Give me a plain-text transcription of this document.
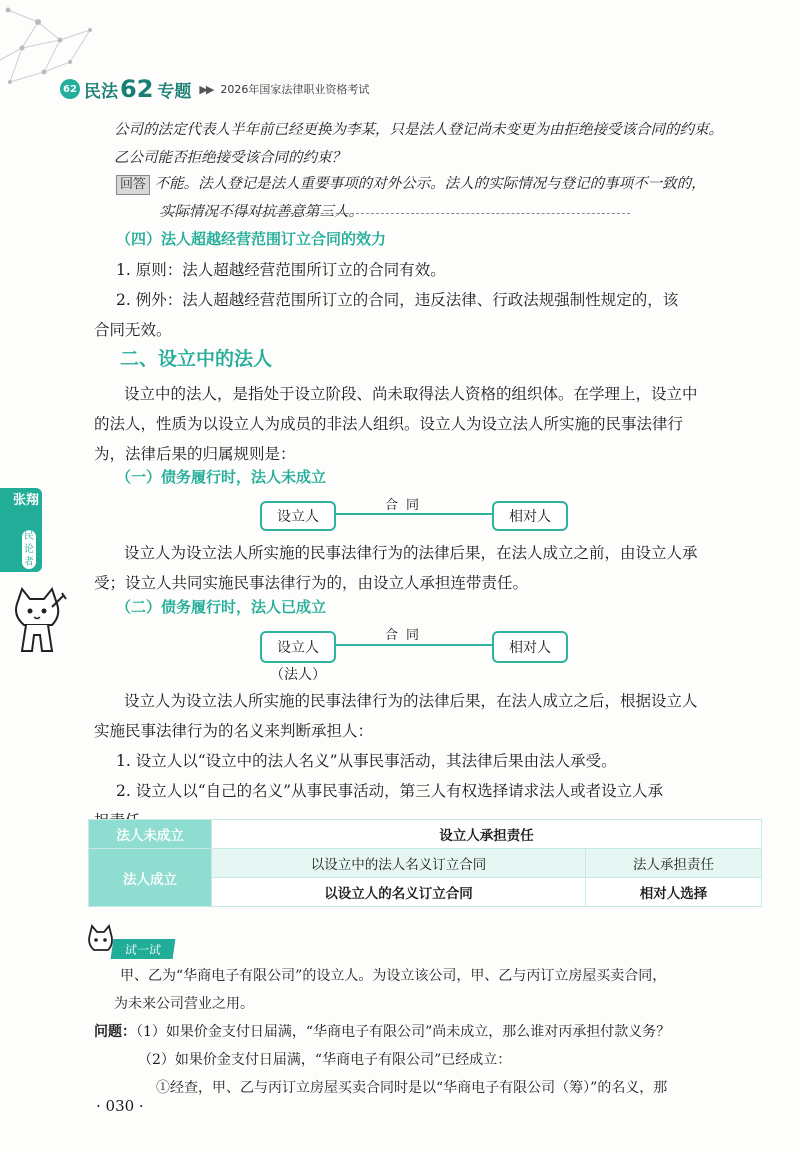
62 民法 62 专题 ▶▶ 2026年国家法律职业资格考试
公司的法定代表人半年前已经更换为李某，只是法人登记尚未变更为由拒绝接受该合同的约束。
乙公司能否拒绝接受该合同的约束？
回答 不能。法人登记是法人重要事项的对外公示。法人的实际情况与登记的事项不一致的，
实际情况不得对抗善意第三人。
（四）法人超越经营范围订立合同的效力
1. 原则：法人超越经营范围所订立的合同有效。
2. 例外：法人超越经营范围所订立的合同，违反法律、行政法规强制性规定的，该
合同无效。
二、设立中的法人
设立中的法人，是指处于设立阶段、尚未取得法人资格的组织体。在学理上，设立中
的法人，性质为以设立人为成员的非法人组织。设立人为设立法人所实施的民事法律行
为，法律后果的归属规则是：
（一）债务履行时，法人未成立
设立人
合同
相对人
设立人为设立法人所实施的民事法律行为的法律后果，在法人成立之前，由设立人承
受；设立人共同实施民事法律行为的，由设立人承担连带责任。
（二）债务履行时，法人已成立
设立人
合同
相对人
（法人）
设立人为设立法人所实施的民事法律行为的法律后果，在法人成立之后，根据设立人
实施民事法律行为的名义来判断承担人：
1. 设立人以“设立中的法人名义”从事民事活动，其法律后果由法人承受。
2. 设立人以“自己的名义”从事民事活动，第三人有权选择请求法人或者设立人承
法人未成立	设立人承担责任	
法人成立	以设立中的法人名义订立合同	法人承担责任
	以设立人的名义订立合同	相对人选择
张翔
民
论
者
试一试
甲、乙为“华商电子有限公司”的设立人。为设立该公司，甲、乙与丙订立房屋买卖合同，
为未来公司营业之用。
问题：（1）如果价金支付日届满，“华商电子有限公司”尚未成立，那么谁对丙承担付款义务？
（2）如果价金支付日届满，“华商电子有限公司”已经成立：
①经查，甲、乙与丙订立房屋买卖合同时是以“华商电子有限公司（筹）”的名义，那
· 030 ·
